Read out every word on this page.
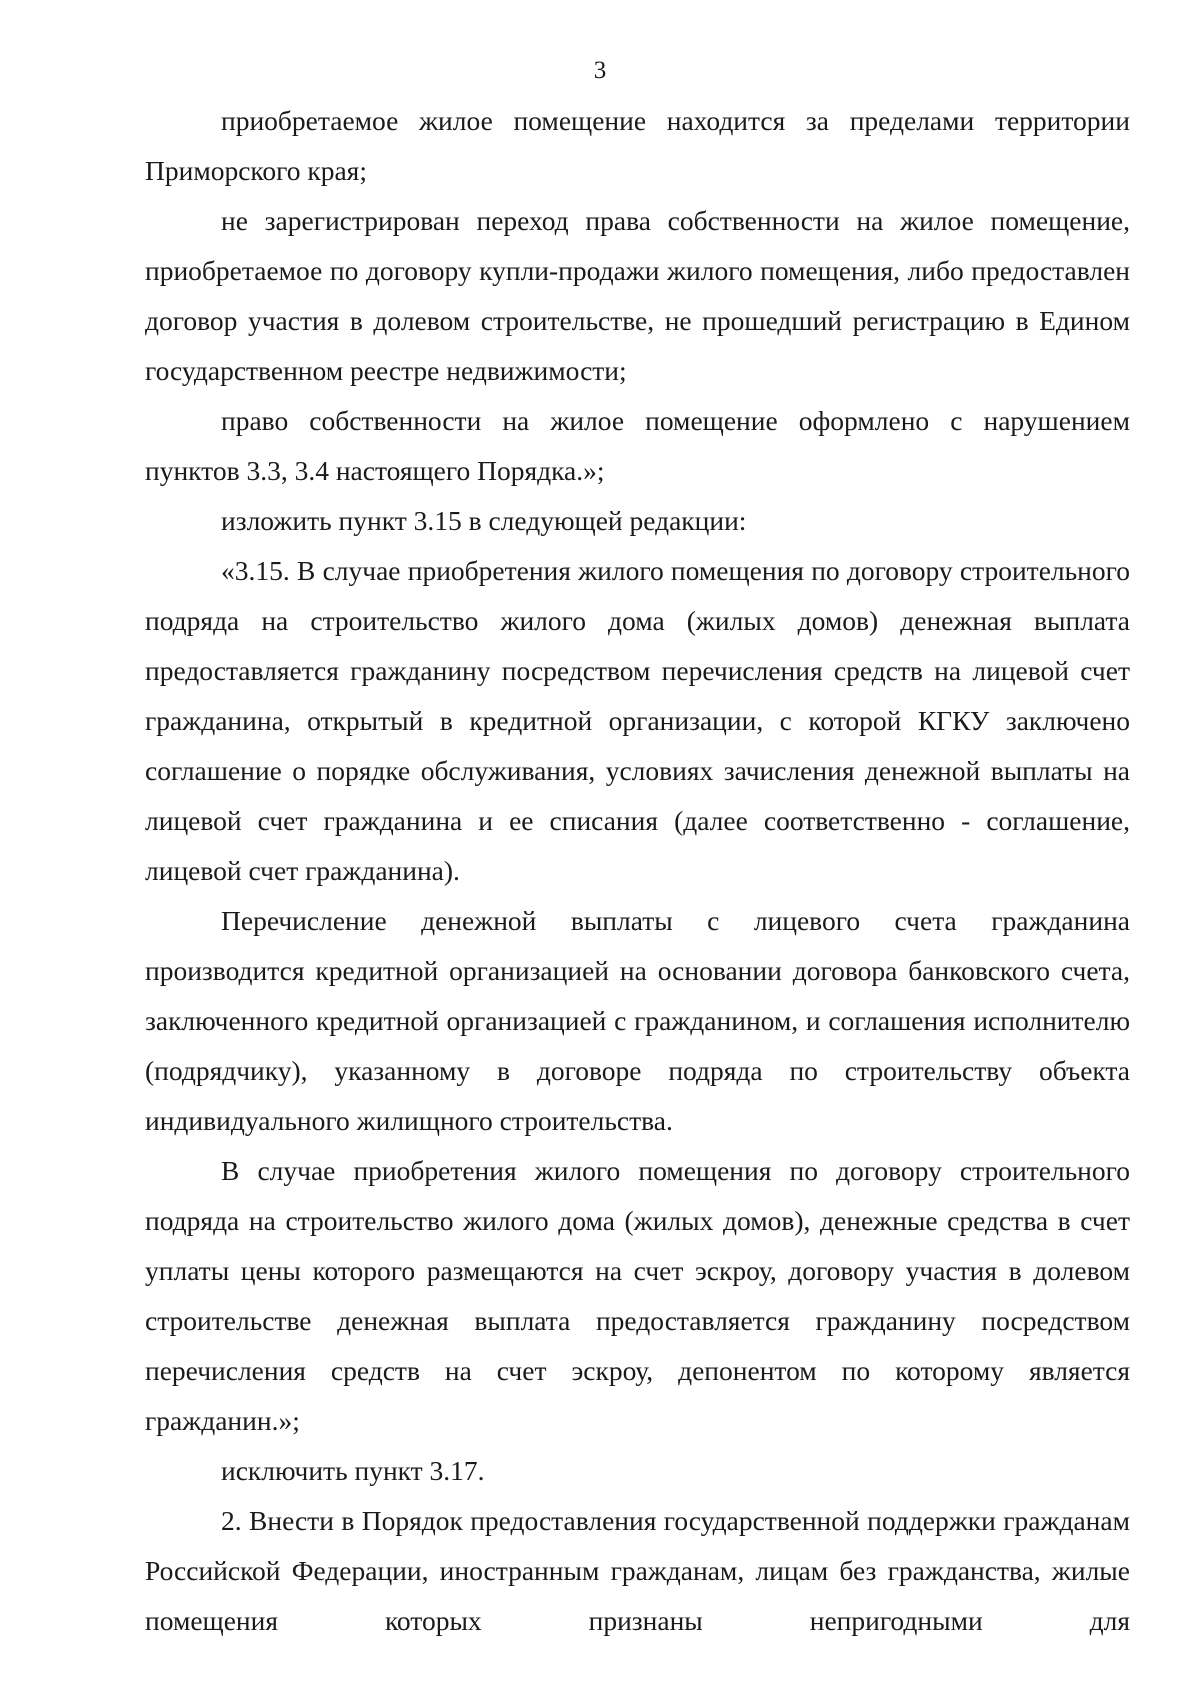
3

приобретаемое жилое помещение находится за пределами территории Приморского края;

не зарегистрирован переход права собственности на жилое помещение, приобретаемое по договору купли-продажи жилого помещения, либо предоставлен договор участия в долевом строительстве, не прошедший регистрацию в Едином государственном реестре недвижимости;

право собственности на жилое помещение оформлено с нарушением пунктов 3.3, 3.4 настоящего Порядка.»;

изложить пункт 3.15 в следующей редакции:

«3.15. В случае приобретения жилого помещения по договору строительного подряда на строительство жилого дома (жилых домов) денежная выплата предоставляется гражданину посредством перечисления средств на лицевой счет гражданина, открытый в кредитной организации, с которой КГКУ заключено соглашение о порядке обслуживания, условиях зачисления денежной выплаты на лицевой счет гражданина и ее списания (далее соответственно - соглашение, лицевой счет гражданина).

Перечисление денежной выплаты с лицевого счета гражданина производится кредитной организацией на основании договора банковского счета, заключенного кредитной организацией с гражданином, и соглашения исполнителю (подрядчику), указанному в договоре подряда по строительству объекта индивидуального жилищного строительства.

В случае приобретения жилого помещения по договору строительного подряда на строительство жилого дома (жилых домов), денежные средства в счет уплаты цены которого размещаются на счет эскроу, договору участия в долевом строительстве денежная выплата предоставляется гражданину посредством перечисления средств на счет эскроу, депонентом по которому является гражданин.»;

исключить пункт 3.17.

2. Внести в Порядок предоставления государственной поддержки гражданам Российской Федерации, иностранным гражданам, лицам без гражданства, жилые помещения которых признаны непригодными для
